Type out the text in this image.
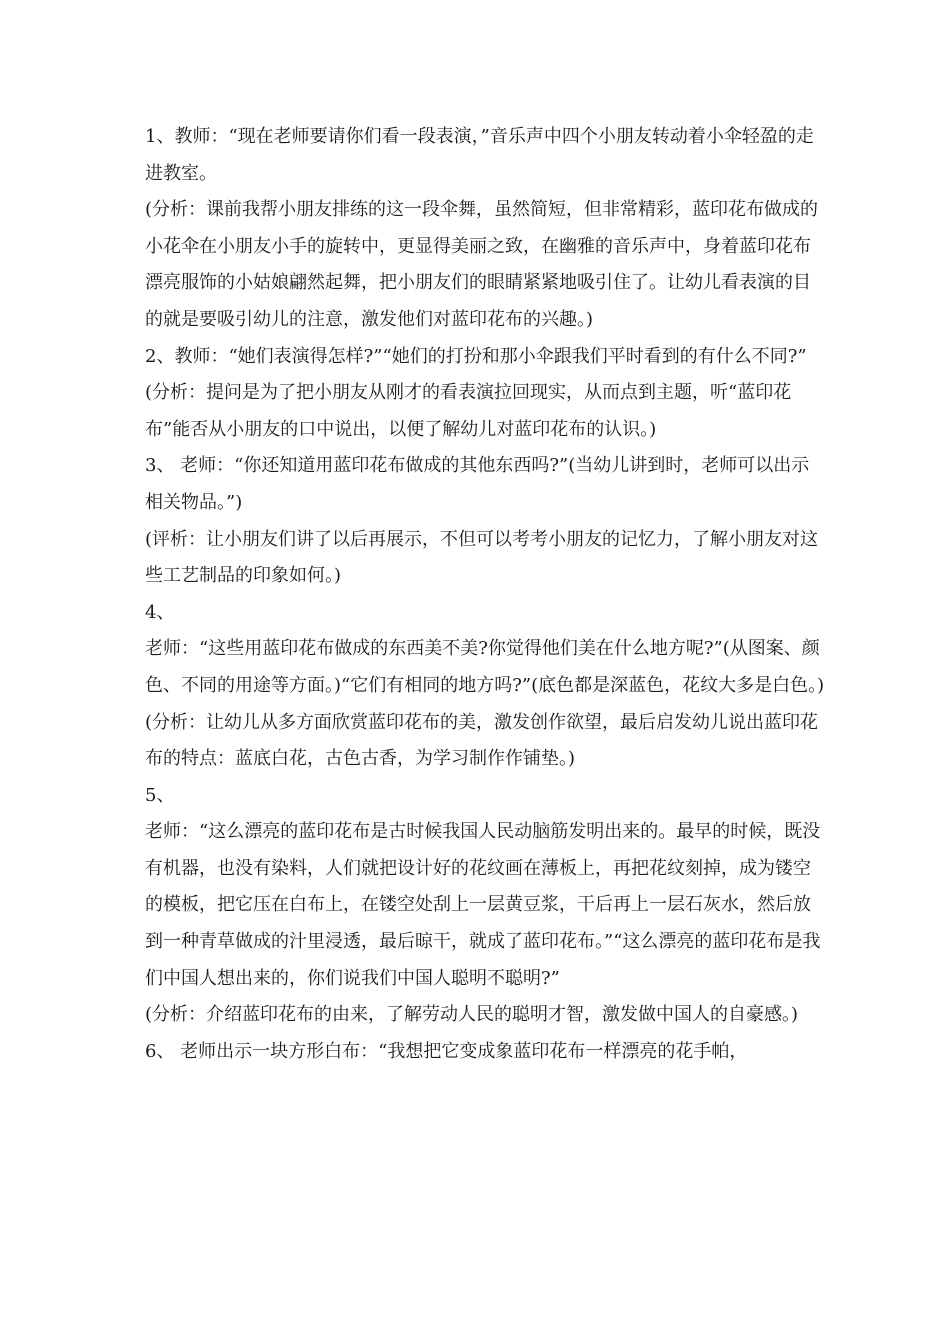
1、教师：“现在老师要请你们看一段表演，”音乐声中四个小朋友转动着小伞轻盈的走进教室。

(分析：课前我帮小朋友排练的这一段伞舞，虽然简短，但非常精彩，蓝印花布做成的小花伞在小朋友小手的旋转中，更显得美丽之致，在幽雅的音乐声中，身着蓝印花布漂亮服饰的小姑娘翩然起舞，把小朋友们的眼睛紧紧地吸引住了。让幼儿看表演的目的就是要吸引幼儿的注意，激发他们对蓝印花布的兴趣。)

2、教师：“她们表演得怎样?”“她们的打扮和那小伞跟我们平时看到的有什么不同?”

(分析：提问是为了把小朋友从刚才的看表演拉回现实，从而点到主题，听“蓝印花布”能否从小朋友的口中说出，以便了解幼儿对蓝印花布的认识。)

3、 老师：“你还知道用蓝印花布做成的其他东西吗?”(当幼儿讲到时，老师可以出示相关物品。”)

(评析：让小朋友们讲了以后再展示，不但可以考考小朋友的记忆力，了解小朋友对这些工艺制品的印象如何。)

4、

老师：“这些用蓝印花布做成的东西美不美?你觉得他们美在什么地方呢?”(从图案、颜色、不同的用途等方面。)“它们有相同的地方吗?”(底色都是深蓝色，花纹大多是白色。)

(分析：让幼儿从多方面欣赏蓝印花布的美，激发创作欲望，最后启发幼儿说出蓝印花布的特点：蓝底白花，古色古香，为学习制作作铺垫。)

5、

老师：“这么漂亮的蓝印花布是古时候我国人民动脑筋发明出来的。最早的时候，既没有机器，也没有染料，人们就把设计好的花纹画在薄板上，再把花纹刻掉，成为镂空的模板，把它压在白布上，在镂空处刮上一层黄豆浆，干后再上一层石灰水，然后放到一种青草做成的汁里浸透，最后晾干，就成了蓝印花布。”“这么漂亮的蓝印花布是我们中国人想出来的，你们说我们中国人聪明不聪明?”

(分析：介绍蓝印花布的由来，了解劳动人民的聪明才智，激发做中国人的自豪感。)

6、 老师出示一块方形白布：“我想把它变成象蓝印花布一样漂亮的花手帕，
